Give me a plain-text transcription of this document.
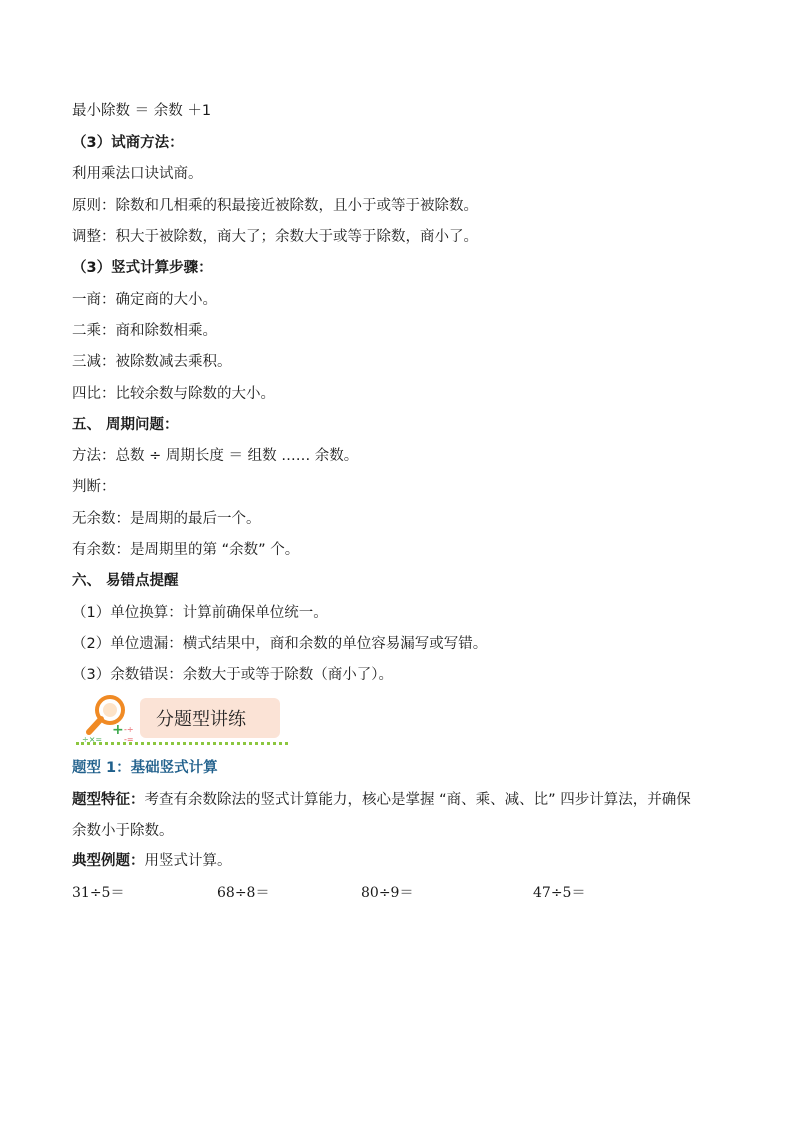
最小除数 ＝ 余数 ＋1
（3）试商方法：
利用乘法口诀试商。
原则：除数和几相乘的积最接近被除数，且小于或等于被除数。
调整：积大于被除数，商大了；余数大于或等于除数，商小了。
（3）竖式计算步骤：
一商：确定商的大小。
二乘：商和除数相乘。
三减：被除数减去乘积。
四比：比较余数与除数的大小。
五、 周期问题：
方法：总数 ÷ 周期长度 ＝ 组数 …… 余数。
判断：
无余数：是周期的最后一个。
有余数：是周期里的第 “余数” 个。
六、 易错点提醒
（1）单位换算：计算前确保单位统一。
（2）单位遗漏：横式结果中，商和余数的单位容易漏写或写错。
（3）余数错误：余数大于或等于除数（商小了）。
分题型讲练
+
÷×=
-÷
-=
题型 1：基础竖式计算
题型特征：考查有余数除法的竖式计算能力，核心是掌握 “商、乘、减、比” 四步计算法，并确保余数小于除数。
典型例题：用竖式计算。
31÷5＝	68÷8＝	80÷9＝	47÷5＝
